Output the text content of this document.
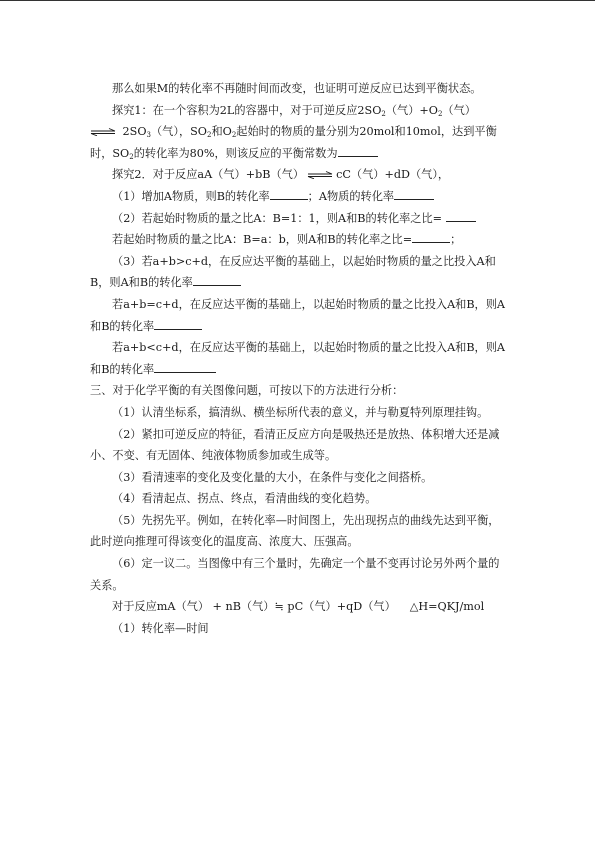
那么如果M的转化率不再随时间而改变，也证明可逆反应已达到平衡状态。

探究1：在一个容积为2L的容器中，对于可逆反应$2SO_2$（气）$+O_2$（气）
⇌ $2SO_3$（气），$SO_2$和$O_2$起始时的物质的量分别为20mol和10mol，达到平衡时，$SO_2$的转化率为80%，则该反应的平衡常数为

探究2．对于反应aA（气）+bB（气） ⇌ cC（气）+dD（气），

（1）增加A物质，则B的转化率	；A物质的转化率

（2）若起始时物质的量之比A：B=1：1，则A和B的转化率之比=

若起始时物质的量之比A：B=a：b，则A和B的转化率之比=	；

（3）若a+b>c+d，在反应达平衡的基础上，以起始时物质的量之比投入A和B，则A和B的转化率

若a+b=c+d，在反应达平衡的基础上，以起始时物质的量之比投入A和B，则A和B的转化率

若a+b<c+d，在反应达平衡的基础上，以起始时物质的量之比投入A和B，则A和B的转化率

三、对于化学平衡的有关图像问题，可按以下的方法进行分析：

（1）认清坐标系，搞清纵、横坐标所代表的意义，并与勒夏特列原理挂钩。

（2）紧扣可逆反应的特征，看清正反应方向是吸热还是放热、体积增大还是减小、不变、有无固体、纯液体物质参加或生成等。

（3）看清速率的变化及变化量的大小，在条件与变化之间搭桥。

（4）看清起点、拐点、终点，看清曲线的变化趋势。

（5）先拐先平。例如，在转化率—时间图上，先出现拐点的曲线先达到平衡，此时逆向推理可得该变化的温度高、浓度大、压强高。

（6）定一议二。当图像中有三个量时，先确定一个量不变再讨论另外两个量的关系。

对于反应mA（气） + nB（气）≒ pC（气）+qD（气） △H=QKJ/mol

（1）转化率—时间
